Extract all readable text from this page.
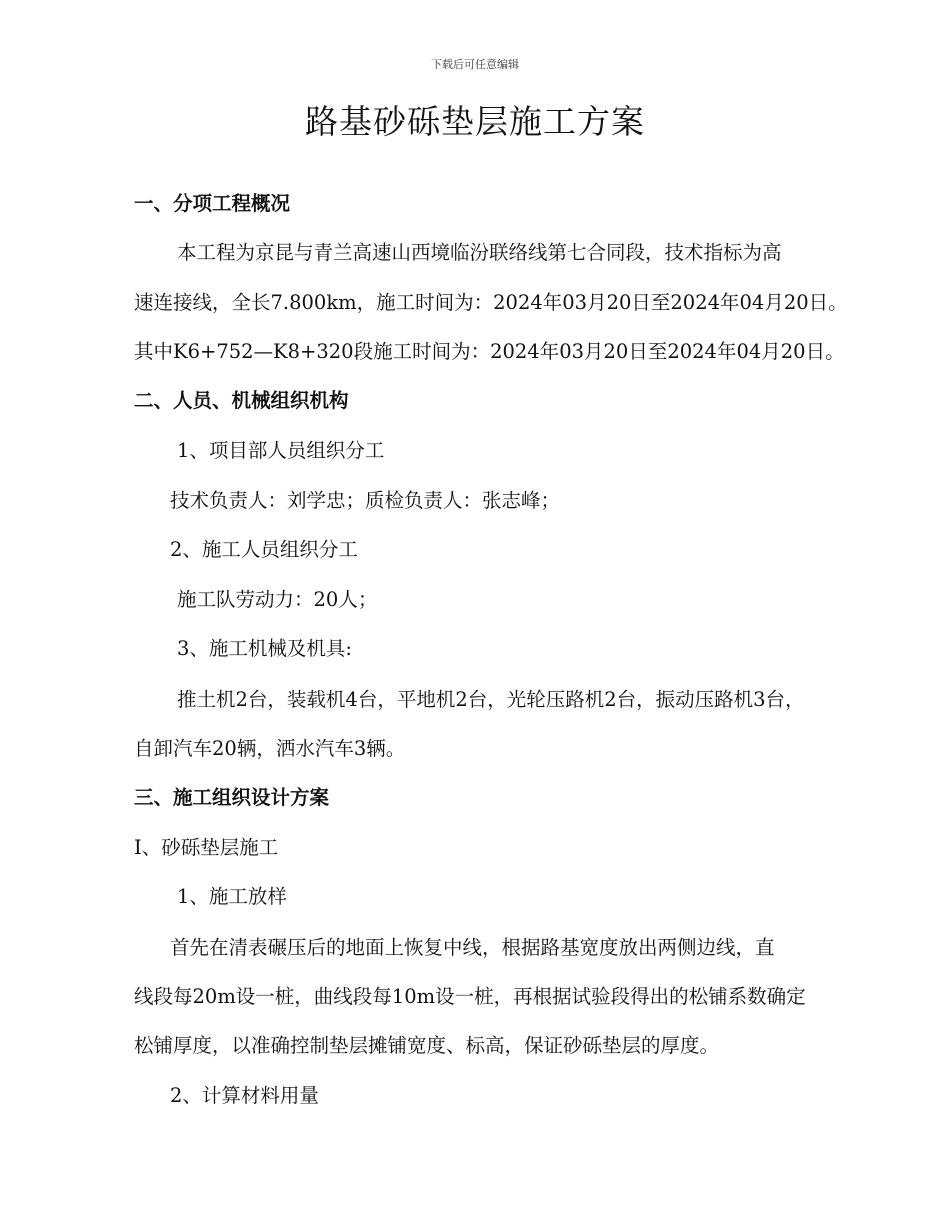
下载后可任意编辑
路基砂砾垫层施工方案
一、分项工程概况
本工程为京昆与青兰高速山西境临汾联络线第七合同段，技术指标为高
速连接线，全长7.800km，施工时间为：2024年03月20日至2024年04月20日。
其中K6+752—K8+320段施工时间为：2024年03月20日至2024年04月20日。
二、人员、机械组织机构
1、项目部人员组织分工
技术负责人：刘学忠；质检负责人：张志峰；
2、施工人员组织分工
施工队劳动力：20人；
3、施工机械及机具:
推土机2台，装载机4台，平地机2台，光轮压路机2台，振动压路机3台，
自卸汽车20辆，洒水汽车3辆。
三、施工组织设计方案
Ⅰ、砂砾垫层施工
1、施工放样
首先在清表碾压后的地面上恢复中线，根据路基宽度放出两侧边线，直
线段每20m设一桩，曲线段每10m设一桩，再根据试验段得出的松铺系数确定
松铺厚度，以准确控制垫层摊铺宽度、标高，保证砂砾垫层的厚度。
2、计算材料用量
